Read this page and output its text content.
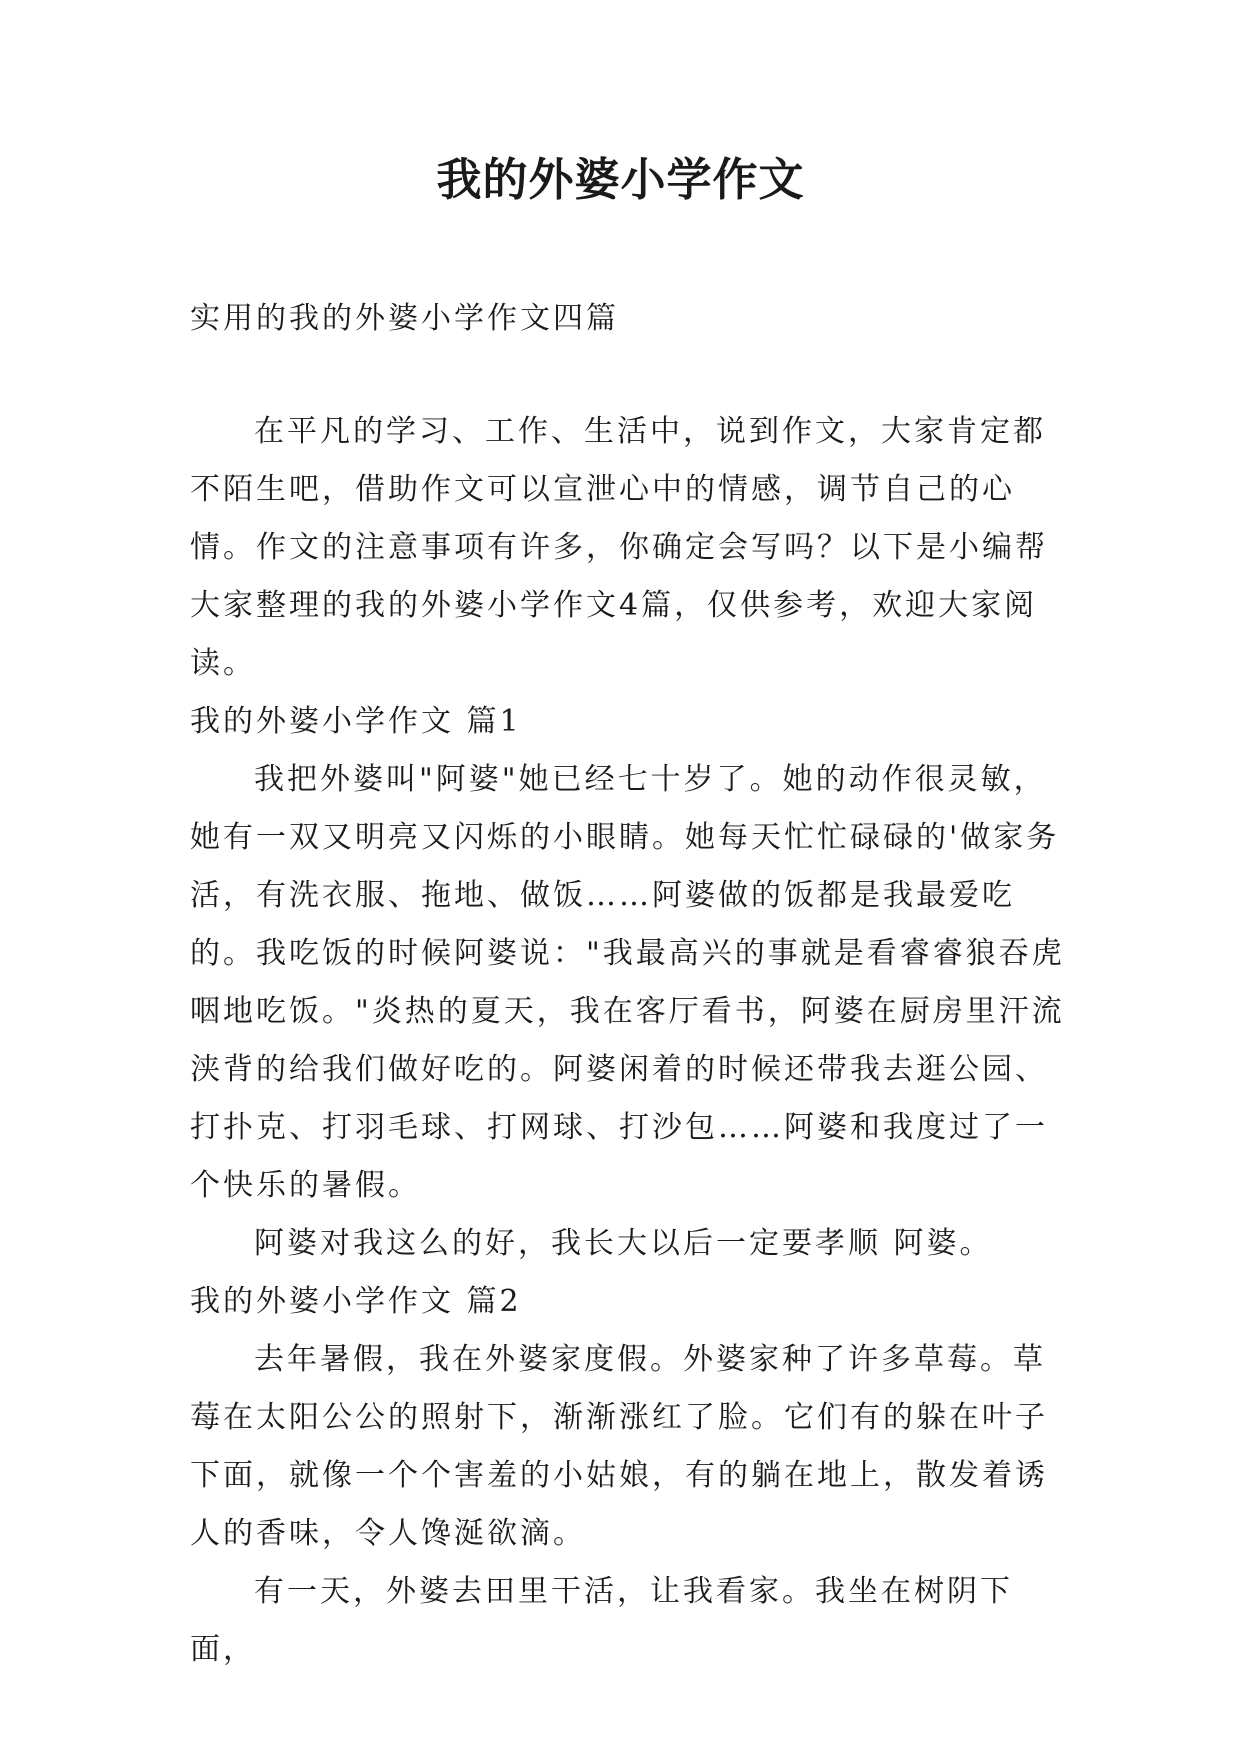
我的外婆小学作文
实用的我的外婆小学作文四篇

在平凡的学习、工作、生活中，说到作文，大家肯定都不陌生吧，借助作文可以宣泄心中的情感，调节自己的心情。作文的注意事项有许多，你确定会写吗？以下是小编帮大家整理的我的外婆小学作文4篇，仅供参考，欢迎大家阅读。

我的外婆小学作文 篇1

我把外婆叫"阿婆"她已经七十岁了。她的动作很灵敏，她有一双又明亮又闪烁的小眼睛。她每天忙忙碌碌的'做家务活，有洗衣服、拖地、做饭……阿婆做的饭都是我最爱吃的。我吃饭的时候阿婆说："我最高兴的事就是看睿睿狼吞虎咽地吃饭。"炎热的夏天，我在客厅看书，阿婆在厨房里汗流浃背的给我们做好吃的。阿婆闲着的时候还带我去逛公园、打扑克、打羽毛球、打网球、打沙包……阿婆和我度过了一个快乐的暑假。

阿婆对我这么的好，我长大以后一定要孝顺 阿婆。

我的外婆小学作文 篇2

去年暑假，我在外婆家度假。外婆家种了许多草莓。草莓在太阳公公的照射下，渐渐涨红了脸。它们有的躲在叶子下面，就像一个个害羞的小姑娘，有的躺在地上，散发着诱人的香味，令人馋涎欲滴。

有一天，外婆去田里干活，让我看家。我坐在树阴下面，
